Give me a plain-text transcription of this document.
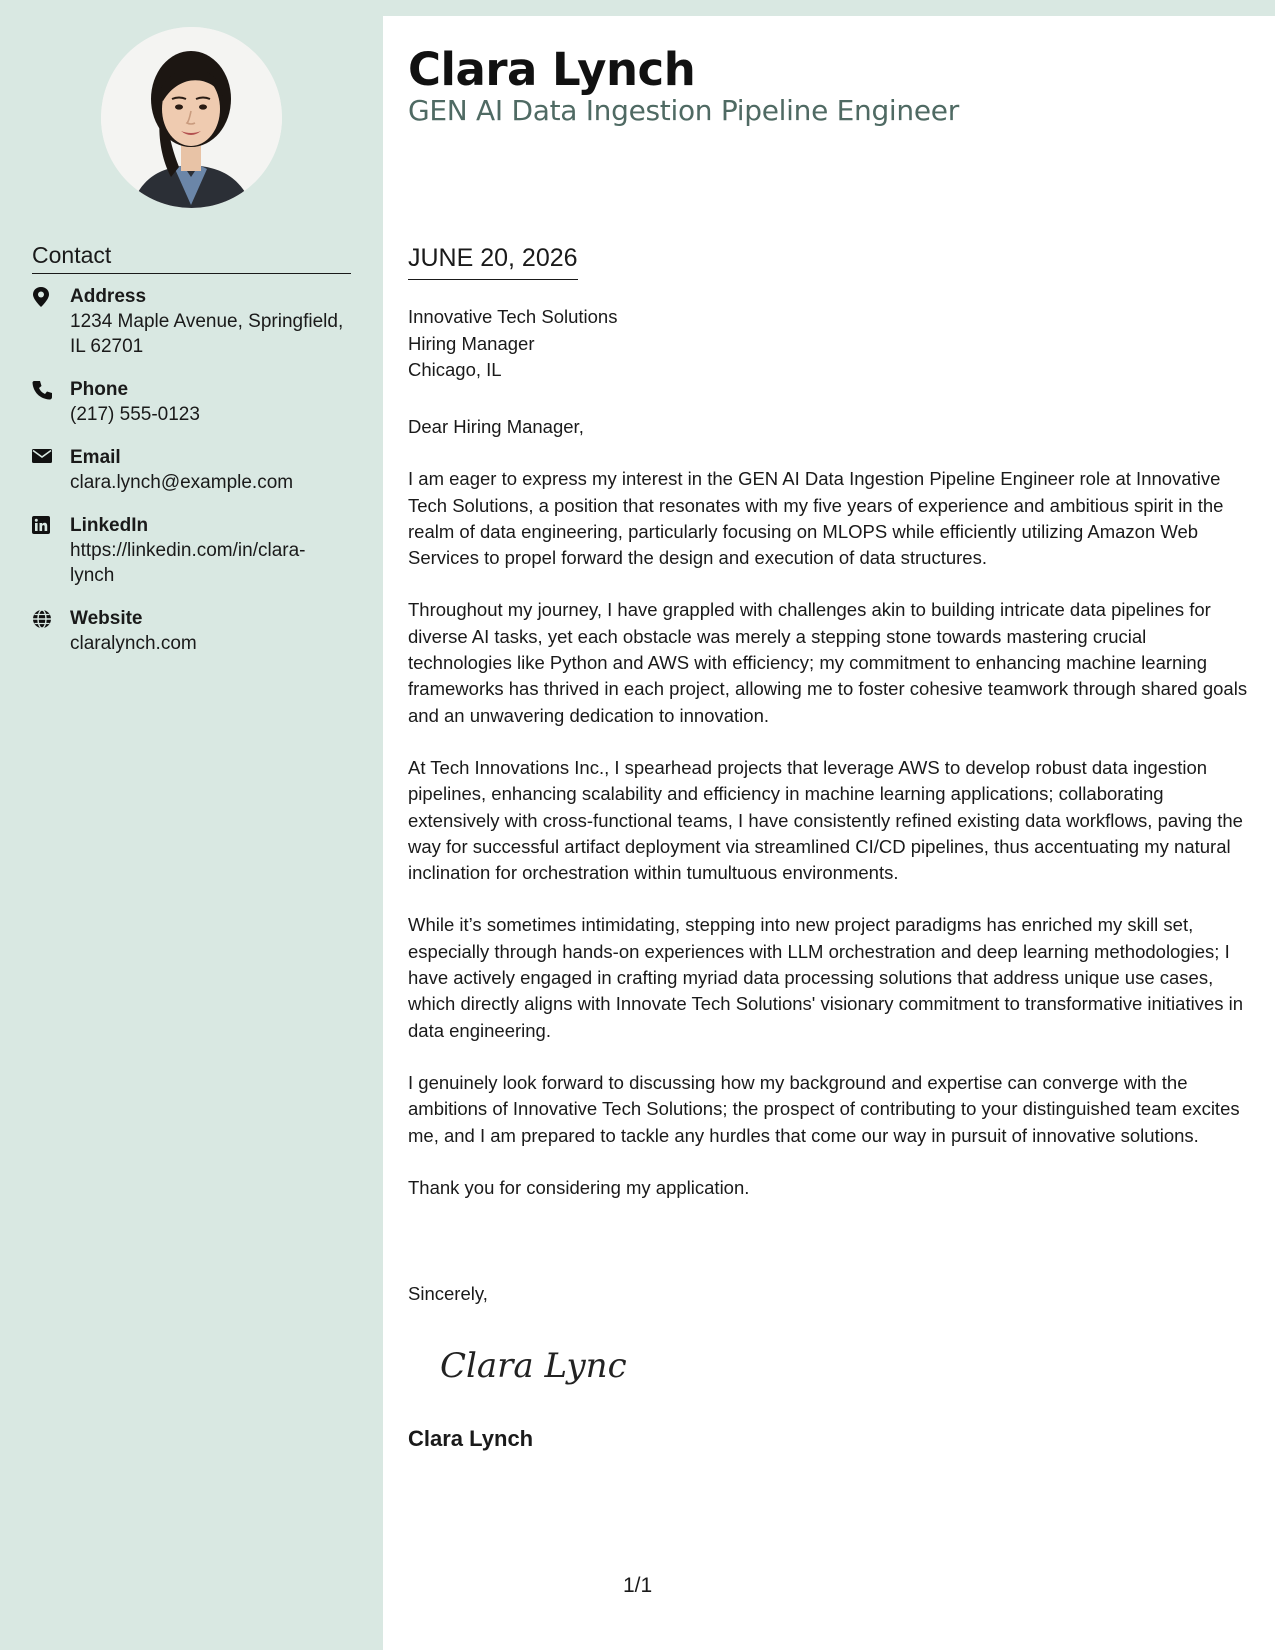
Contact
Address
1234 Maple Avenue, Springfield, IL 62701
Phone
(217) 555-0123
Email
clara.lynch@example.com
LinkedIn
https://linkedin.com/in/clara-lynch
Website
claralynch.com
Clara Lynch
GEN AI Data Ingestion Pipeline Engineer
JUNE 20, 2026
Innovative Tech Solutions
Hiring Manager
Chicago, IL

Dear Hiring Manager,

I am eager to express my interest in the GEN AI Data Ingestion Pipeline Engineer role at Innovative Tech Solutions, a position that resonates with my five years of experience and ambitious spirit in the realm of data engineering, particularly focusing on MLOPS while efficiently utilizing Amazon Web Services to propel forward the design and execution of data structures.

Throughout my journey, I have grappled with challenges akin to building intricate data pipelines for diverse AI tasks, yet each obstacle was merely a stepping stone towards mastering crucial technologies like Python and AWS with efficiency; my commitment to enhancing machine learning frameworks has thrived in each project, allowing me to foster cohesive teamwork through shared goals and an unwavering dedication to innovation.

At Tech Innovations Inc., I spearhead projects that leverage AWS to develop robust data ingestion pipelines, enhancing scalability and efficiency in machine learning applications; collaborating extensively with cross-functional teams, I have consistently refined existing data workflows, paving the way for successful artifact deployment via streamlined CI/CD pipelines, thus accentuating my natural inclination for orchestration within tumultuous environments.

While it’s sometimes intimidating, stepping into new project paradigms has enriched my skill set, especially through hands-on experiences with LLM orchestration and deep learning methodologies; I have actively engaged in crafting myriad data processing solutions that address unique use cases, which directly aligns with Innovate Tech Solutions' visionary commitment to transformative initiatives in data engineering.

I genuinely look forward to discussing how my background and expertise can converge with the ambitions of Innovative Tech Solutions; the prospect of contributing to your distinguished team excites me, and I am prepared to tackle any hurdles that come our way in pursuit of innovative solutions.

Thank you for considering my application.

Sincerely,
Clara Lynch
Clara Lynch
1/1
